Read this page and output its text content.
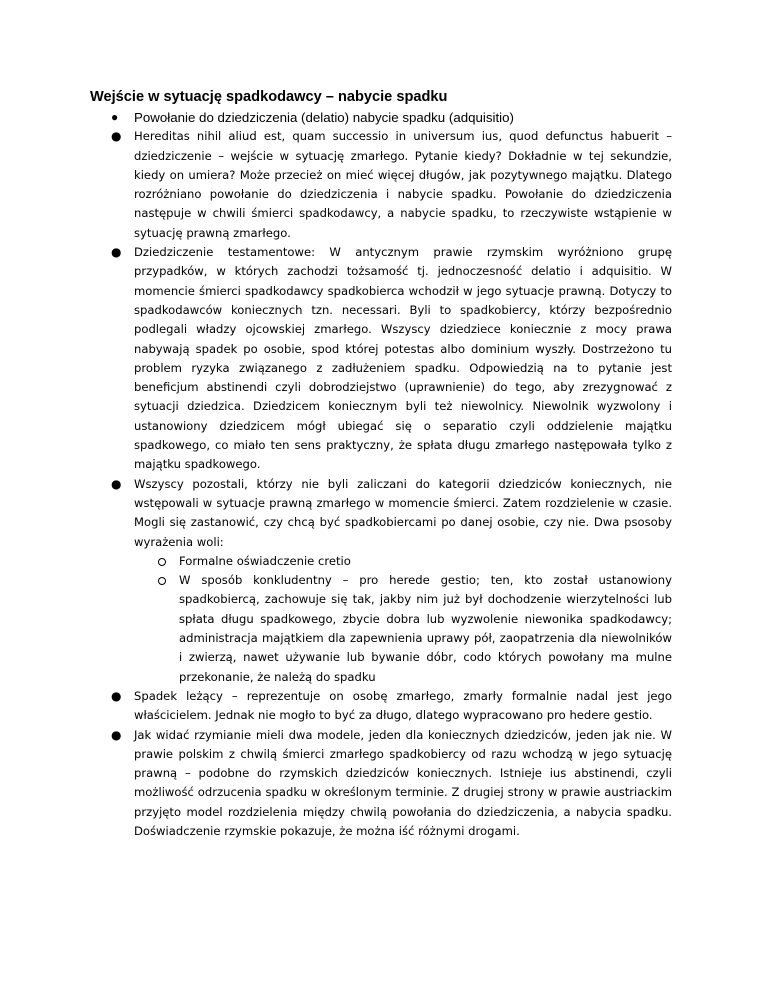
Wejście w sytuację spadkodawcy – nabycie spadku
● Powołanie do dziedziczenia (delatio) nabycie spadku (adquisitio)
● Hereditas nihil aliud est, quam successio in universum ius, quod defunctus habuerit – dziedziczenie – wejście w sytuację zmarłego. Pytanie kiedy? Dokładnie w tej sekundzie, kiedy on umiera? Może przecież on mieć więcej długów, jak pozytywnego majątku. Dlatego rozróżniano powołanie do dziedziczenia i nabycie spadku. Powołanie do dziedziczenia następuje w chwili śmierci spadkodawcy, a nabycie spadku, to rzeczywiste wstąpienie w sytuację prawną zmarłego.
● Dziedziczenie testamentowe: W antycznym prawie rzymskim wyróżniono grupę przypadków, w których zachodzi tożsamość tj. jednoczesność delatio i adquisitio. W momencie śmierci spadkodawcy spadkobierca wchodził w jego sytuacje prawną. Dotyczy to spadkodawców koniecznych tzn. necessari. Byli to spadkobiercy, którzy bezpośrednio podlegali władzy ojcowskiej zmarłego. Wszyscy dziedziece koniecznie z mocy prawa nabywają spadek po osobie, spod której potestas albo dominium wyszły. Dostrzeżono tu problem ryzyka związanego z zadłużeniem spadku. Odpowiedzią na to pytanie jest beneficjum abstinendi czyli dobrodziejstwo (uprawnienie) do tego, aby zrezygnować z sytuacji dziedzica. Dziedzicem koniecznym byli też niewolnicy. Niewolnik wyzwolony i ustanowiony dziedzicem mógł ubiegać się o separatio czyli oddzielenie majątku spadkowego, co miało ten sens praktyczny, że spłata długu zmarłego następowała tylko z majątku spadkowego.
● Wszyscy pozostali, którzy nie byli zaliczani do kategorii dziedziców koniecznych, nie wstępowali w sytuacje prawną zmarłego w momencie śmierci. Zatem rozdzielenie w czasie. Mogli się zastanowić, czy chcą być spadkobiercami po danej osobie, czy nie. Dwa psosoby wyrażenia woli:
Formalne oświadczenie cretio
W sposób konkludentny – pro herede gestio; ten, kto został ustanowiony spadkobiercą, zachowuje się tak, jakby nim już był dochodzenie wierzytelności lub spłata długu spadkowego, zbycie dobra lub wyzwolenie niewonika spadkodawcy; administracja majątkiem dla zapewnienia uprawy pół, zaopatrzenia dla niewolników i zwierzą, nawet używanie lub bywanie dóbr, codo których powołany ma mulne przekonanie, że należą do spadku
● Spadek leżący – reprezentuje on osobę zmarłego, zmarły formalnie nadal jest jego właścicielem. Jednak nie mogło to być za długo, dlatego wypracowano pro hedere gestio.
● Jak widać rzymianie mieli dwa modele, jeden dla koniecznych dziedziców, jeden jak nie. W prawie polskim z chwilą śmierci zmarłego spadkobiercy od razu wchodzą w jego sytuację prawną – podobne do rzymskich dziedziców koniecznych. Istnieje ius abstinendi, czyli możliwość odrzucenia spadku w określonym terminie. Z drugiej strony w prawie austriackim przyjęto model rozdzielenia między chwilą powołania do dziedziczenia, a nabycia spadku. Doświadczenie rzymskie pokazuje, że można iść różnymi drogami.
